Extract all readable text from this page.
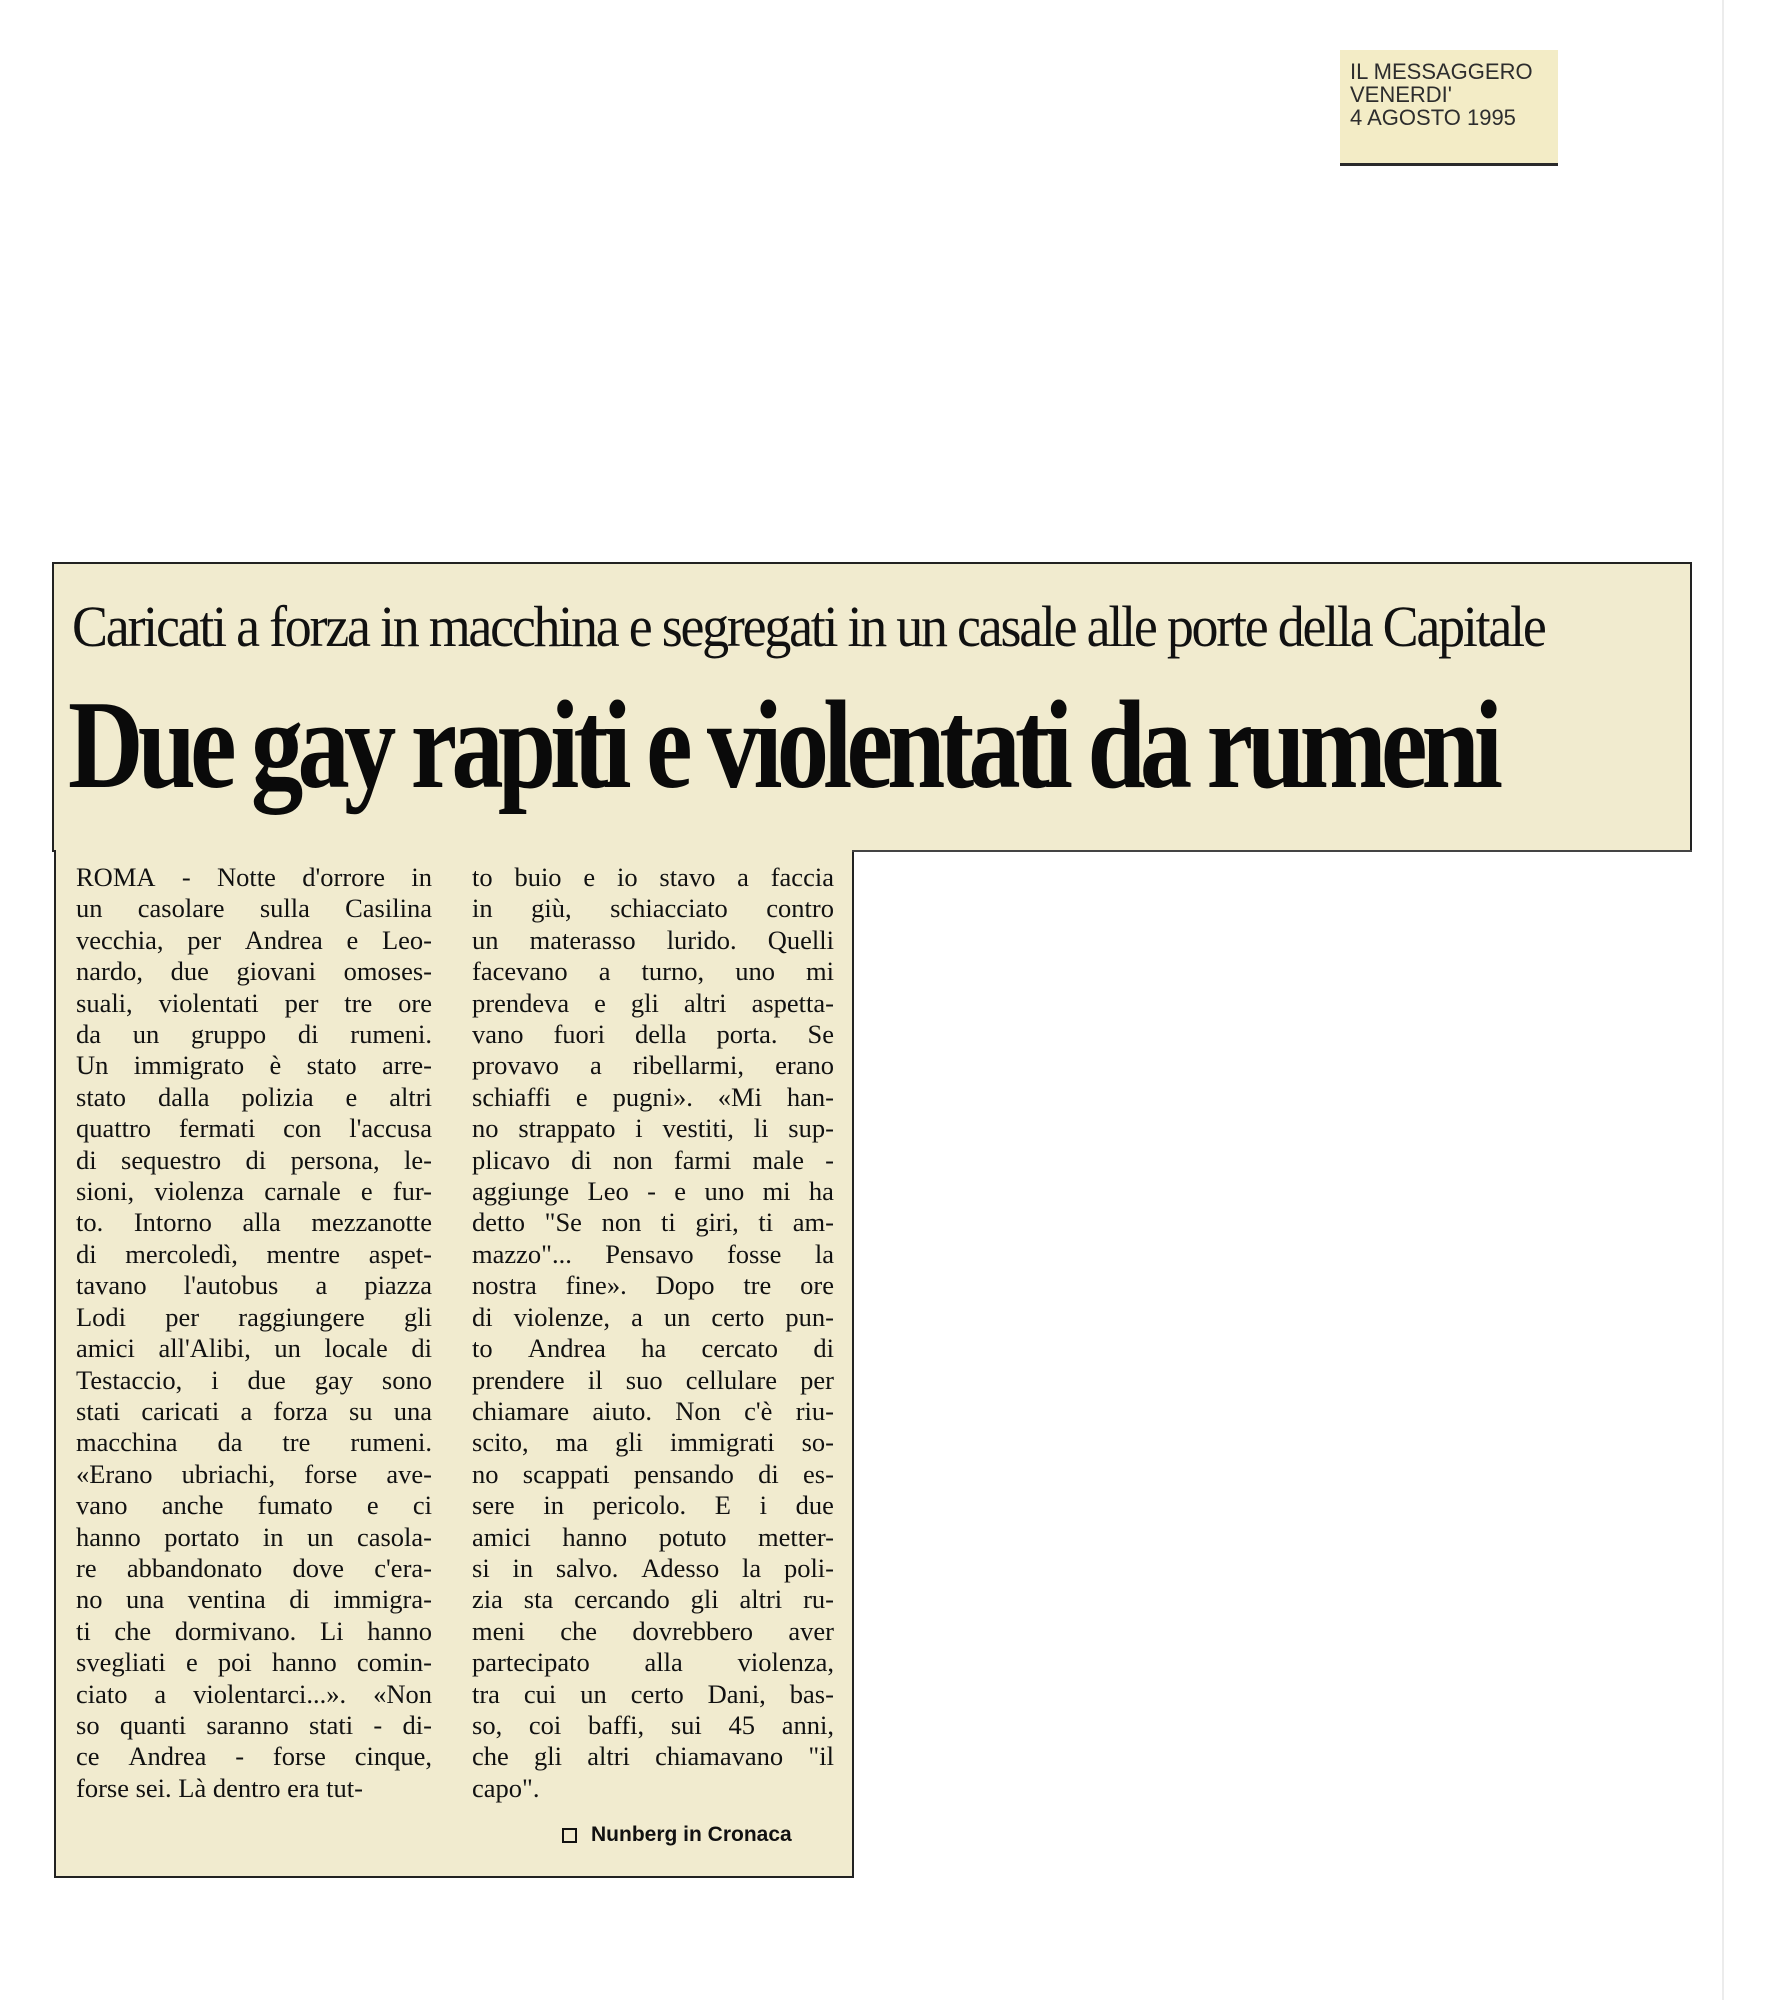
IL MESSAGGERO
VENERDI'
4 AGOSTO 1995
Caricati a forza in macchina e segregati in un casale alle porte della Capitale
Due gay rapiti e violentati da rumeni
ROMA - Notte d'orrore in
un casolare sulla Casilina
vecchia, per Andrea e Leo-
nardo, due giovani omoses-
suali, violentati per tre ore
da un gruppo di rumeni.
Un immigrato è stato arre-
stato dalla polizia e altri
quattro fermati con l'accusa
di sequestro di persona, le-
sioni, violenza carnale e fur-
to. Intorno alla mezzanotte
di mercoledì, mentre aspet-
tavano l'autobus a piazza
Lodi per raggiungere gli
amici all'Alibi, un locale di
Testaccio, i due gay sono
stati caricati a forza su una
macchina da tre rumeni.
«Erano ubriachi, forse ave-
vano anche fumato e ci
hanno portato in un casola-
re abbandonato dove c'era-
no una ventina di immigra-
ti che dormivano. Li hanno
svegliati e poi hanno comin-
ciato a violentarci...». «Non
so quanti saranno stati - di-
ce Andrea - forse cinque,
forse sei. Là dentro era tut-
to buio e io stavo a faccia
in giù, schiacciato contro
un materasso lurido. Quelli
facevano a turno, uno mi
prendeva e gli altri aspetta-
vano fuori della porta. Se
provavo a ribellarmi, erano
schiaffi e pugni». «Mi han-
no strappato i vestiti, li sup-
plicavo di non farmi male -
aggiunge Leo - e uno mi ha
detto "Se non ti giri, ti am-
mazzo"... Pensavo fosse la
nostra fine». Dopo tre ore
di violenze, a un certo pun-
to Andrea ha cercato di
prendere il suo cellulare per
chiamare aiuto. Non c'è riu-
scito, ma gli immigrati so-
no scappati pensando di es-
sere in pericolo. E i due
amici hanno potuto metter-
si in salvo. Adesso la poli-
zia sta cercando gli altri ru-
meni che dovrebbero aver
partecipato alla violenza,
tra cui un certo Dani, bas-
so, coi baffi, sui 45 anni,
che gli altri chiamavano "il
capo".
Nunberg in Cronaca
